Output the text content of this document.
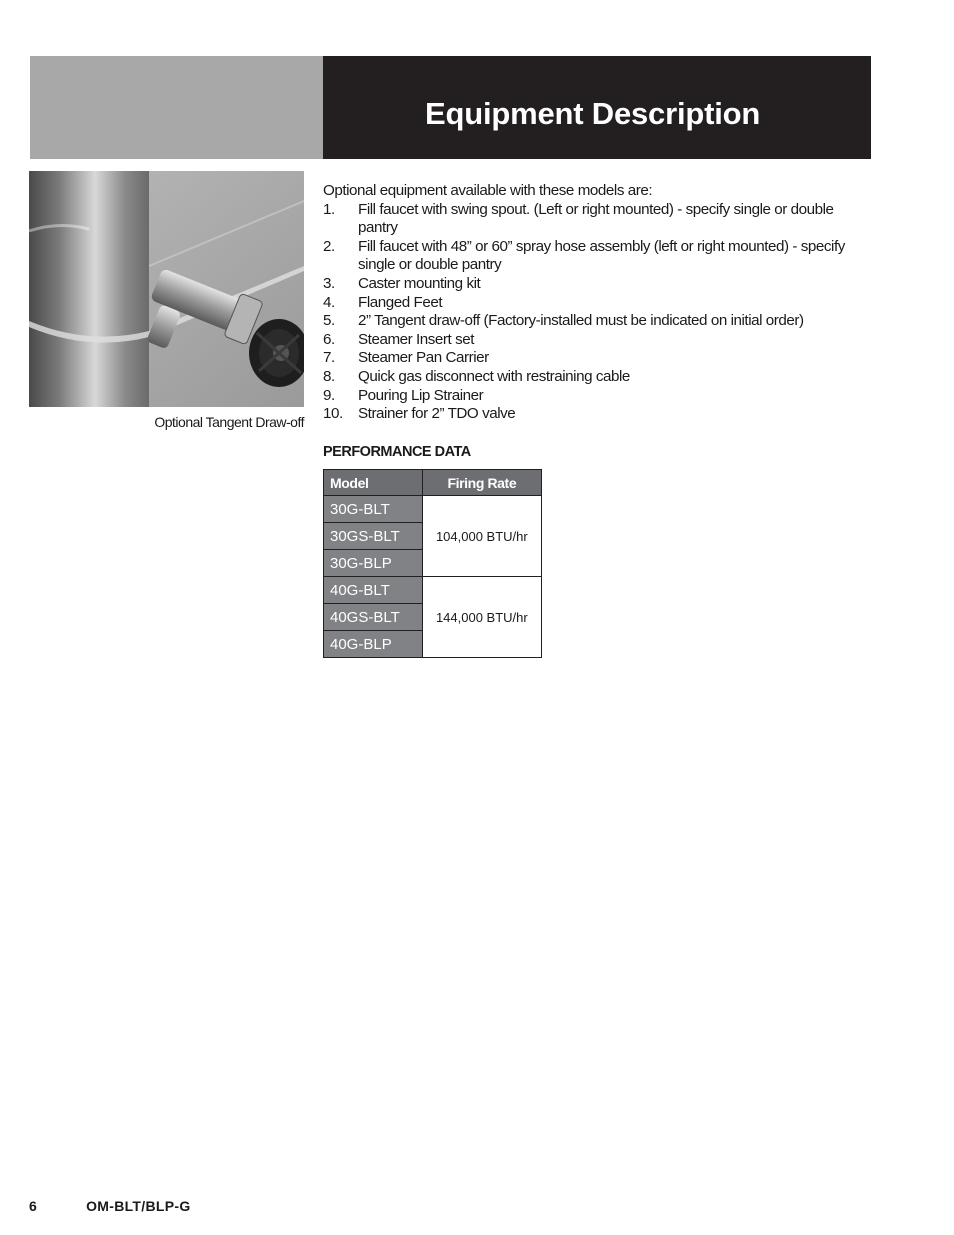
Equipment Description

Optional Tangent Draw-off

Optional equipment available with these models are:

1.	Fill faucet with swing spout. (Left or right mounted) - specify single or double pantry
2.	Fill faucet with 48” or 60” spray hose assembly (left or right mounted) - specify single or double pantry
3.	Caster mounting kit
4.	Flanged Feet
5.	2” Tangent draw-off (Factory-installed must be indicated on initial order)
6.	Steamer Insert set
7.	Steamer Pan Carrier
8.	Quick gas disconnect with restraining cable
9.	Pouring Lip Strainer
10.	Strainer for 2” TDO valve
PERFORMANCE DATA
Model	Firing Rate
30G-BLT	104,000 BTU/hr
30GS-BLT	
30G-BLP	
40G-BLT	144,000 BTU/hr
40GS-BLT	
40G-BLP	
6	OM-BLT/BLP-G
